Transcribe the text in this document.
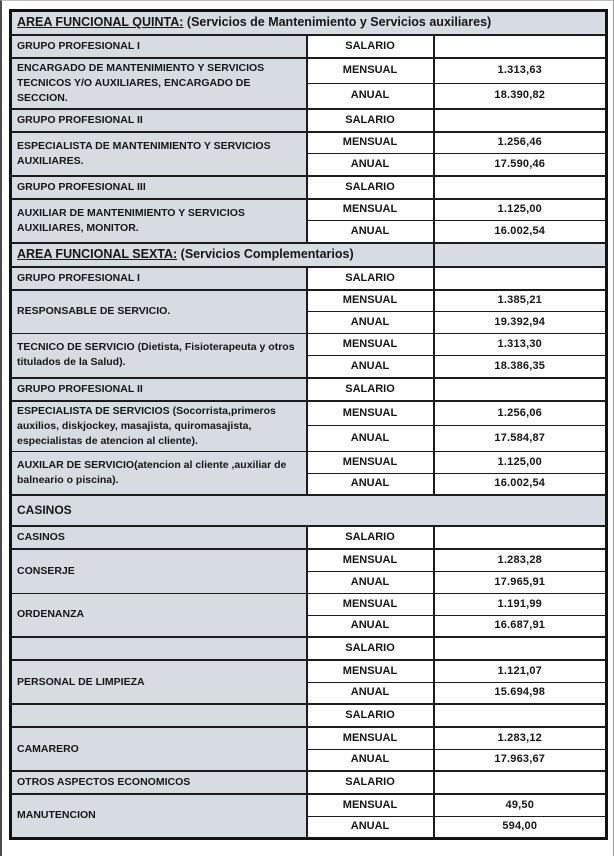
AREA FUNCIONAL QUINTA: (Servicios de Mantenimiento y Servicios auxiliares)		
GRUPO PROFESIONAL I	SALARIO	
ENCARGADO DE MANTENIMIENTO Y SERVICIOS TECNICOS Y/O AUXILIARES, ENCARGADO DE SECCION.	MENSUAL	1.313,63
	ANUAL	18.390,82
GRUPO PROFESIONAL II	SALARIO	
ESPECIALISTA DE MANTENIMIENTO Y SERVICIOS AUXILIARES.	MENSUAL	1.256,46
	ANUAL	17.590,46
GRUPO PROFESIONAL III	SALARIO	
AUXILIAR DE MANTENIMIENTO Y SERVICIOS AUXILIARES, MONITOR.	MENSUAL	1.125,00
	ANUAL	16.002,54
AREA FUNCIONAL SEXTA: (Servicios Complementarios)		
GRUPO PROFESIONAL I	SALARIO	
RESPONSABLE DE SERVICIO.	MENSUAL	1.385,21
	ANUAL	19.392,94
TECNICO DE SERVICIO (Dietista, Fisioterapeuta y otros titulados de la Salud).	MENSUAL	1.313,30
	ANUAL	18.386,35
GRUPO PROFESIONAL II	SALARIO	
ESPECIALISTA DE SERVICIOS (Socorrista,primeros auxilios, diskjockey, masajista, quiromasajista, especialistas de atencion al cliente).	MENSUAL	1.256,06
	ANUAL	17.584,87
AUXILAR DE SERVICIO(atencion al cliente ,auxiliar de balneario o piscina).	MENSUAL	1.125,00
	ANUAL	16.002,54
CASINOS		
CASINOS	SALARIO	
CONSERJE	MENSUAL	1.283,28
	ANUAL	17.965,91
ORDENANZA	MENSUAL	1.191,99
	ANUAL	16.687,91
	SALARIO	
PERSONAL DE LIMPIEZA	MENSUAL	1.121,07
	ANUAL	15.694,98
	SALARIO	
CAMARERO	MENSUAL	1.283,12
	ANUAL	17.963,67
OTROS ASPECTOS ECONOMICOS	SALARIO	
MANUTENCION	MENSUAL	49,50
	ANUAL	594,00
